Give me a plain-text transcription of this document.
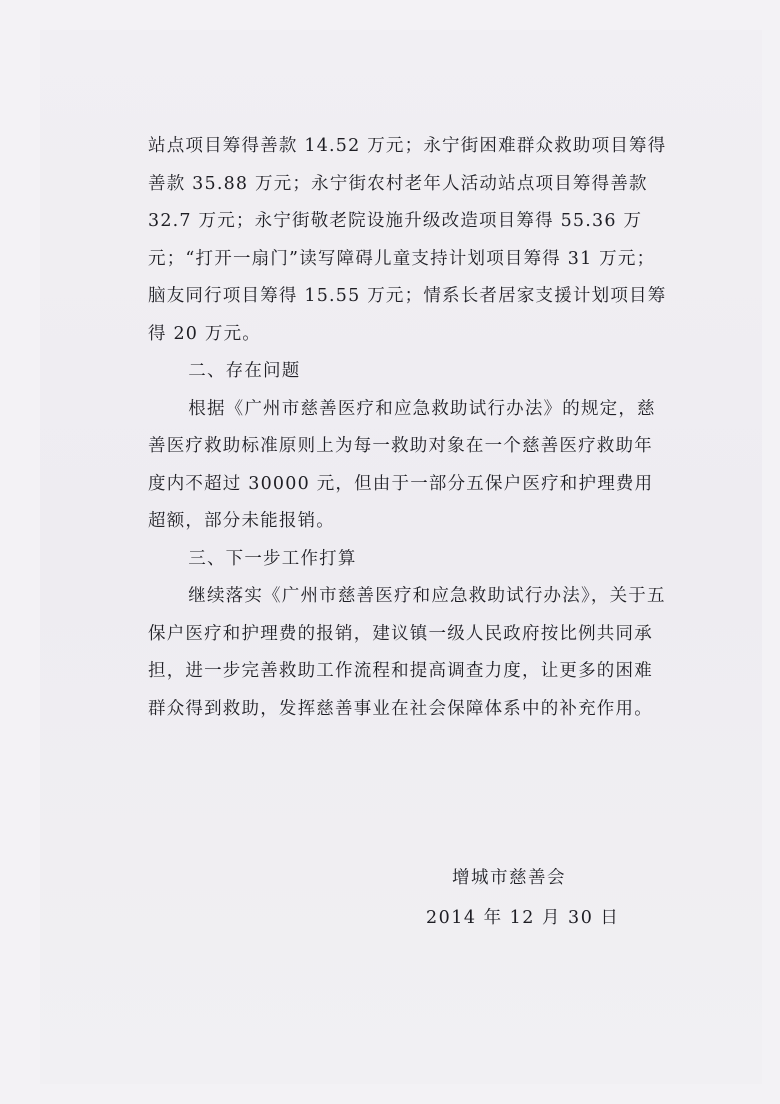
站点项目筹得善款 14.52 万元；永宁街困难群众救助项目筹得善款 35.88 万元；永宁街农村老年人活动站点项目筹得善款 32.7 万元；永宁街敬老院设施升级改造项目筹得 55.36 万元；“打开一扇门”读写障碍儿童支持计划项目筹得 31 万元；脑友同行项目筹得 15.55 万元；情系长者居家支援计划项目筹得 20 万元。

二、存在问题

根据《广州市慈善医疗和应急救助试行办法》的规定，慈善医疗救助标准原则上为每一救助对象在一个慈善医疗救助年度内不超过 30000 元，但由于一部分五保户医疗和护理费用超额，部分未能报销。

三、下一步工作打算

继续落实《广州市慈善医疗和应急救助试行办法》，关于五保户医疗和护理费的报销，建议镇一级人民政府按比例共同承担，进一步完善救助工作流程和提高调查力度，让更多的困难群众得到救助，发挥慈善事业在社会保障体系中的补充作用。

增城市慈善会
2014 年 12 月 30 日
